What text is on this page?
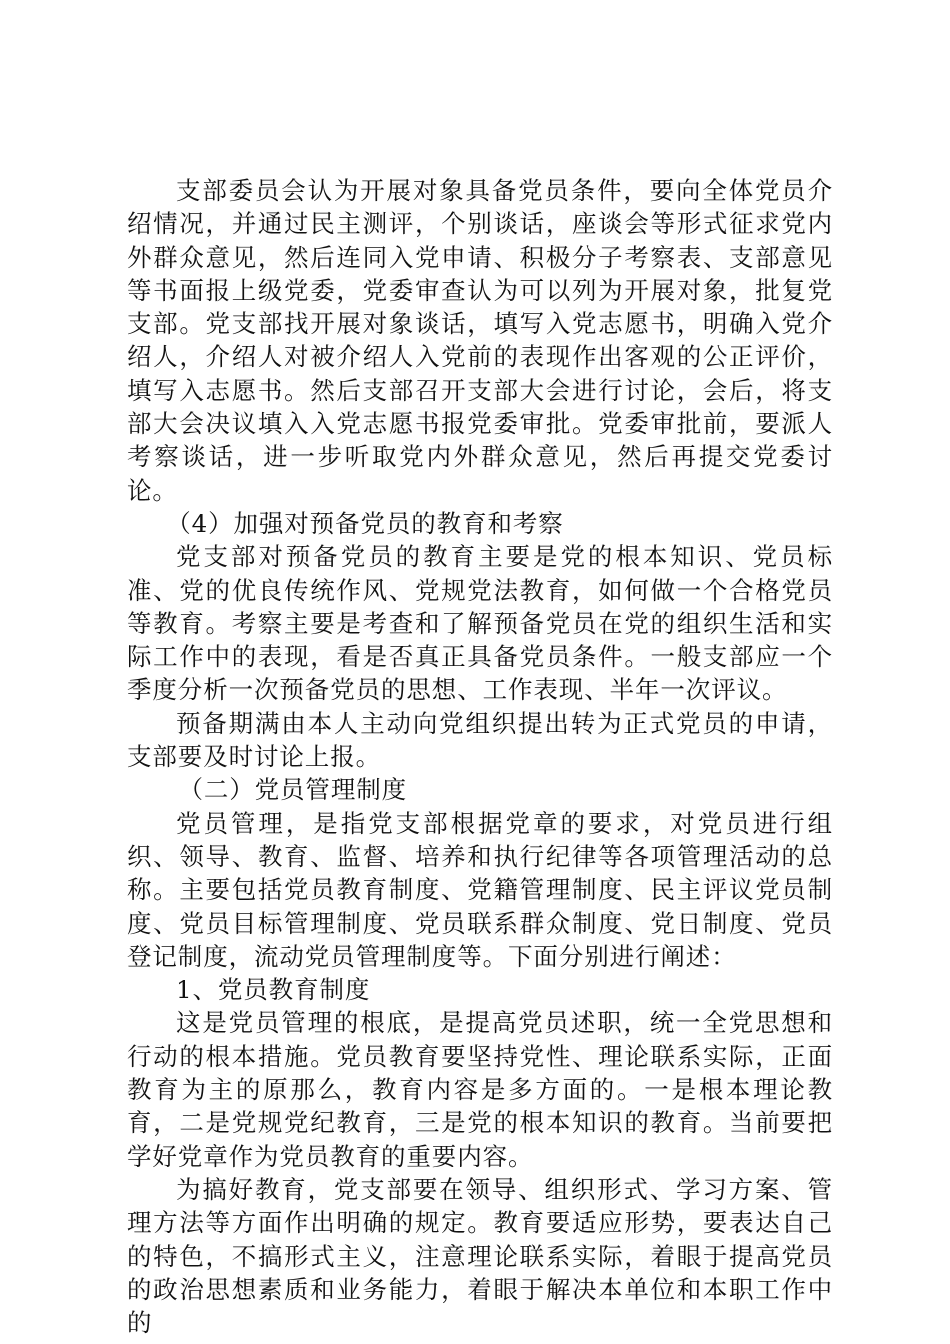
支部委员会认为开展对象具备党员条件，要向全体党员介绍情况，并通过民主测评，个别谈话，座谈会等形式征求党内外群众意见，然后连同入党申请、积极分子考察表、支部意见等书面报上级党委，党委审查认为可以列为开展对象，批复党支部。党支部找开展对象谈话，填写入党志愿书，明确入党介绍人，介绍人对被介绍人入党前的表现作出客观的公正评价，填写入志愿书。然后支部召开支部大会进行讨论，会后，将支部大会决议填入入党志愿书报党委审批。党委审批前，要派人考察谈话，进一步听取党内外群众意见，然后再提交党委讨论。

（4）加强对预备党员的教育和考察

党支部对预备党员的教育主要是党的根本知识、党员标准、党的优良传统作风、党规党法教育，如何做一个合格党员等教育。考察主要是考查和了解预备党员在党的组织生活和实际工作中的表现，看是否真正具备党员条件。一般支部应一个季度分析一次预备党员的思想、工作表现、半年一次评议。

预备期满由本人主动向党组织提出转为正式党员的申请，支部要及时讨论上报。

（二）党员管理制度

党员管理，是指党支部根据党章的要求，对党员进行组织、领导、教育、监督、培养和执行纪律等各项管理活动的总称。主要包括党员教育制度、党籍管理制度、民主评议党员制度、党员目标管理制度、党员联系群众制度、党日制度、党员登记制度，流动党员管理制度等。下面分别进行阐述：

1、党员教育制度

这是党员管理的根底，是提高党员述职，统一全党思想和行动的根本措施。党员教育要坚持党性、理论联系实际，正面教育为主的原那么，教育内容是多方面的。一是根本理论教育，二是党规党纪教育，三是党的根本知识的教育。当前要把学好党章作为党员教育的重要内容。

为搞好教育，党支部要在领导、组织形式、学习方案、管理方法等方面作出明确的规定。教育要适应形势，要表达自己的特色，不搞形式主义，注意理论联系实际，着眼于提高党员的政治思想素质和业务能力，着眼于解决本单位和本职工作中的
